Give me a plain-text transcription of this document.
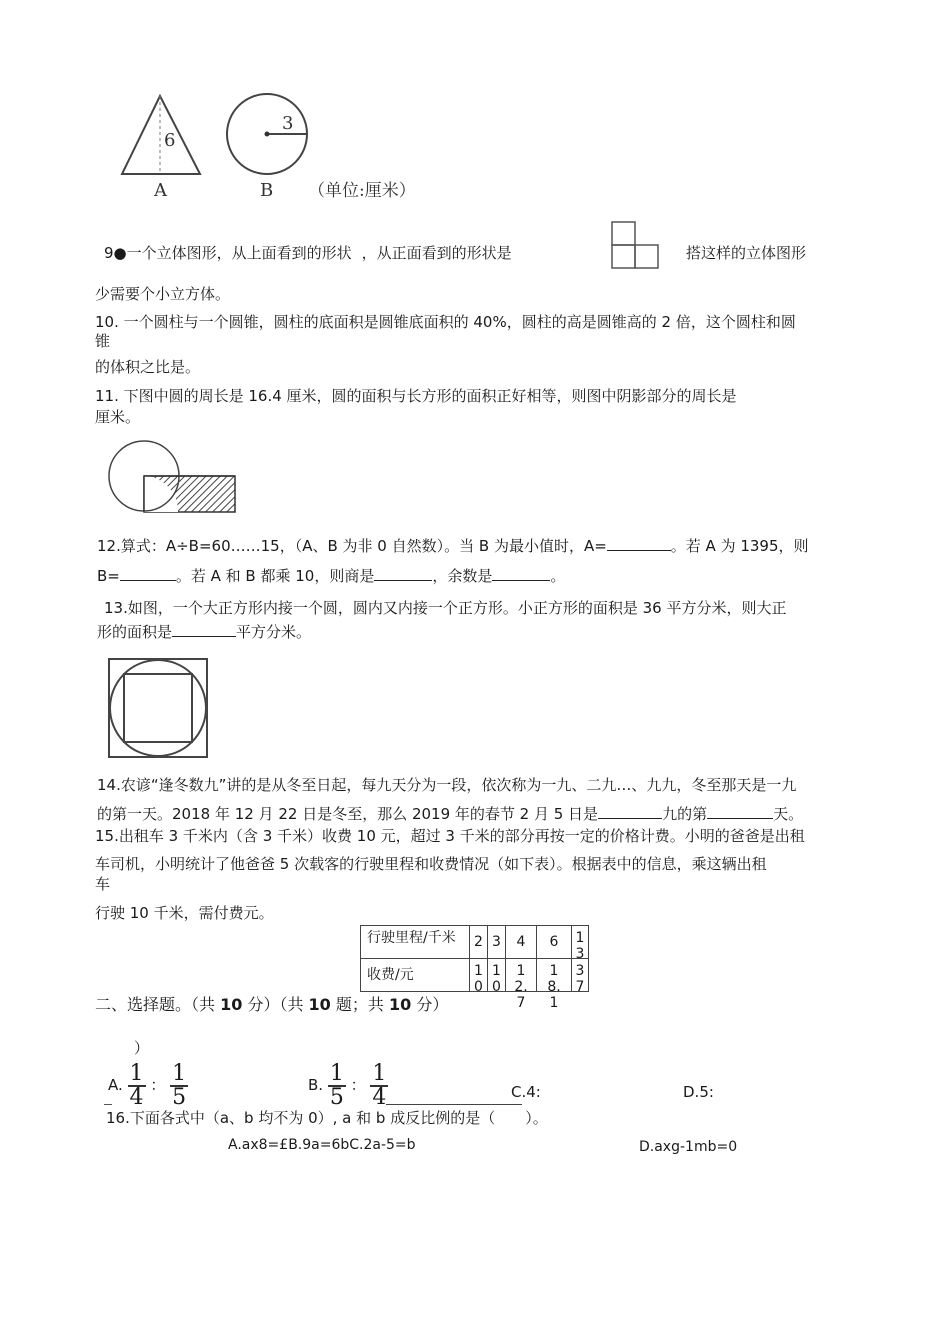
6
A
3
B （单位:厘米）
9●一个立体图形，从上面看到的形状 ，从正面看到的形状是	搭这样的立体图形
少需要个小立方体。
10. 一个圆柱与一个圆锥，圆柱的底面积是圆锥底面积的 40%，圆柱的高是圆锥高的 2 倍，这个圆柱和圆
锥
的体积之比是。
11. 下图中圆的周长是 16.4 厘米，圆的面积与长方形的面积正好相等，则图中阴影部分的周长是
厘米。
12.算式：A÷B=60……15，（A、B 为非 0 自然数）。当 B 为最小值时，A=	。若 A 为 1395，则
B=	。若 A 和 B 都乘 10，则商是	，余数是	。
13.如图，一个大正方形内接一个圆，圆内又内接一个正方形。小正方形的面积是 36 平方分米，则大正
形的面积是	平方分米。
14.农谚“逢冬数九”讲的是从冬至日起，每九天分为一段，依次称为一九、二九…、九九，冬至那天是一九
的第一天。2018 年 12 月 22 日是冬至，那么 2019 年的春节 2 月 5 日是	九的第	天。
15.出租车 3 千米内（含 3 千米）收费 10 元，超过 3 千米的部分再按一定的价格计费。小明的爸爸是出租
车司机，小明统计了他爸爸 5 次载客的行驶里程和收费情况（如下表）。根据表中的信息，乘这辆出租
车
行驶 10 千米，需付费元。
行驶里程/千米	2	3	4	6	13

收费/元	10	10	12.7	18.1	37
二、选择题。（共 10 分）（共 10 题；共 10 分）
）
A. $\frac{1}{4}$ ： $\frac{1}{5}$	B. $\frac{1}{5}$ ： $\frac{1}{4}$	C.4:	D.5:
16.下面各式中（a、b 均不为 0）, a 和 b 成反比例的是（　　）。
A.ax8=£B.9a=6bC.2a-5=b	D.axg-1mb=0
